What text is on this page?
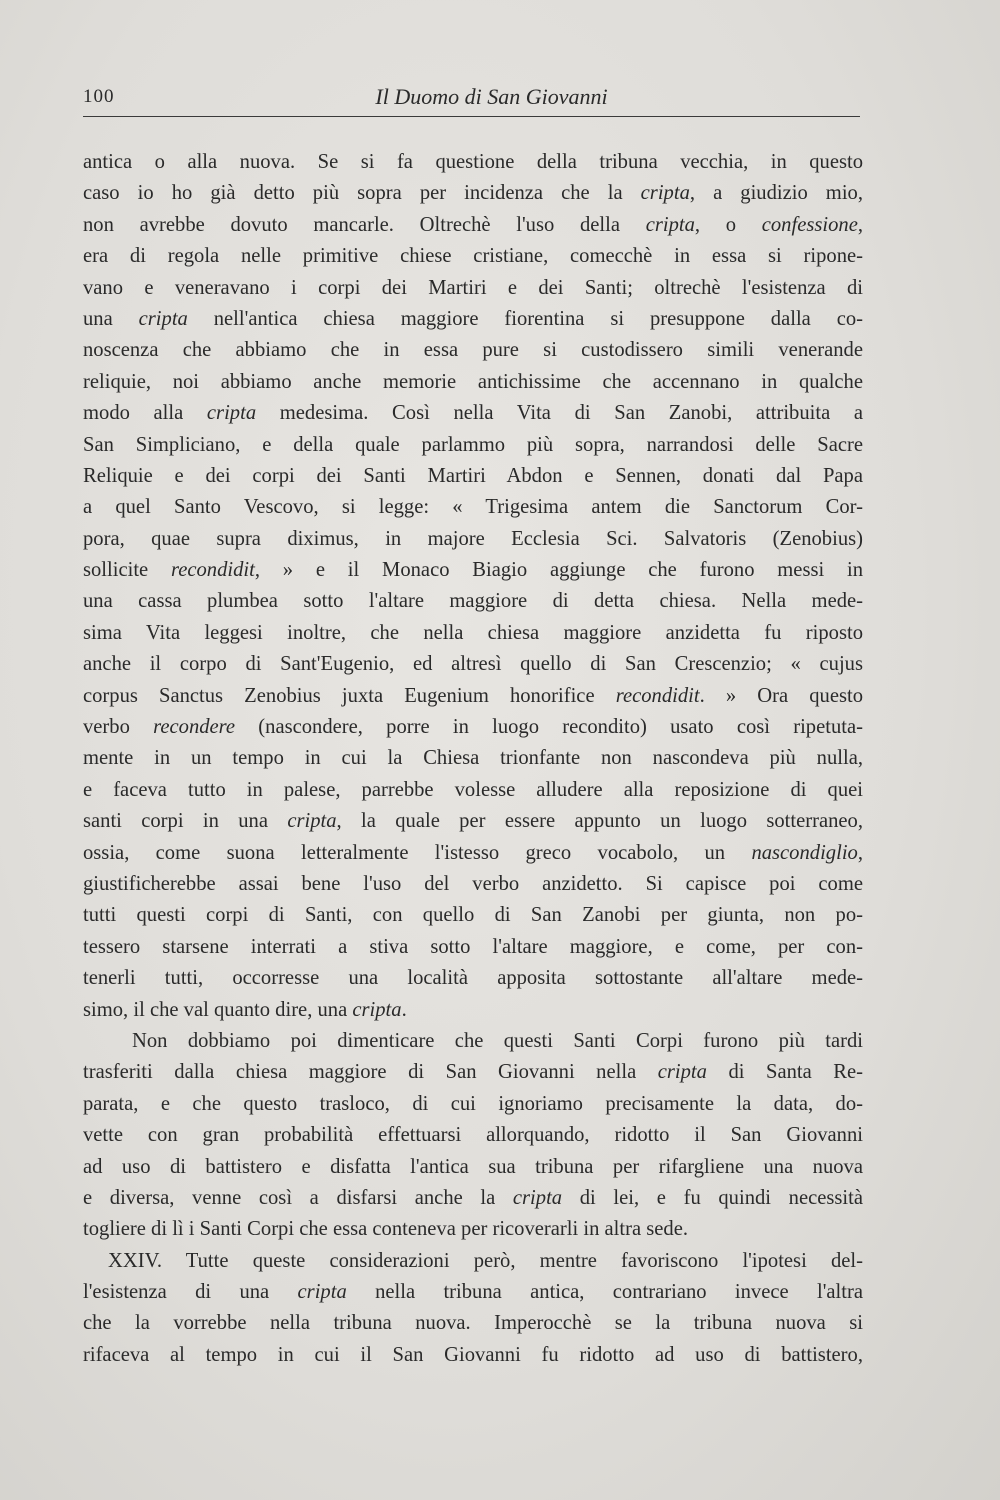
100	Il Duomo di San Giovanni
antica o alla nuova. Se si fa questione della tribuna vecchia, in questo
caso io ho già detto più sopra per incidenza che la cripta, a giudizio mio,
non avrebbe dovuto mancarle. Oltrechè l'uso della cripta, o confessione,
era di regola nelle primitive chiese cristiane, comecchè in essa si ripone-
vano e veneravano i corpi dei Martiri e dei Santi; oltrechè l'esistenza di
una cripta nell'antica chiesa maggiore fiorentina si presuppone dalla co-
noscenza che abbiamo che in essa pure si custodissero simili venerande
reliquie, noi abbiamo anche memorie antichissime che accennano in qualche
modo alla cripta medesima. Così nella Vita di San Zanobi, attribuita a
San Simpliciano, e della quale parlammo più sopra, narrandosi delle Sacre
Reliquie e dei corpi dei Santi Martiri Abdon e Sennen, donati dal Papa
a quel Santo Vescovo, si legge: « Trigesima antem die Sanctorum Cor-
pora, quae supra diximus, in majore Ecclesia Sci. Salvatoris (Zenobius)
sollicite recondidit, » e il Monaco Biagio aggiunge che furono messi in
una cassa plumbea sotto l'altare maggiore di detta chiesa. Nella mede-
sima Vita leggesi inoltre, che nella chiesa maggiore anzidetta fu riposto
anche il corpo di Sant'Eugenio, ed altresì quello di San Crescenzio; « cujus
corpus Sanctus Zenobius juxta Eugenium honorifice recondidit. » Ora questo
verbo recondere (nascondere, porre in luogo recondito) usato così ripetuta-
mente in un tempo in cui la Chiesa trionfante non nascondeva più nulla,
e faceva tutto in palese, parrebbe volesse alludere alla reposizione di quei
santi corpi in una cripta, la quale per essere appunto un luogo sotterraneo,
ossia, come suona letteralmente l'istesso greco vocabolo, un nascondiglio,
giustificherebbe assai bene l'uso del verbo anzidetto. Si capisce poi come
tutti questi corpi di Santi, con quello di San Zanobi per giunta, non po-
tessero starsene interrati a stiva sotto l'altare maggiore, e come, per con-
tenerli tutti, occorresse una località apposita sottostante all'altare mede-
simo, il che val quanto dire, una cripta.
Non dobbiamo poi dimenticare che questi Santi Corpi furono più tardi
trasferiti dalla chiesa maggiore di San Giovanni nella cripta di Santa Re-
parata, e che questo trasloco, di cui ignoriamo precisamente la data, do-
vette con gran probabilità effettuarsi allorquando, ridotto il San Giovanni
ad uso di battistero e disfatta l'antica sua tribuna per rifargliene una nuova
e diversa, venne così a disfarsi anche la cripta di lei, e fu quindi necessità
togliere di lì i Santi Corpi che essa conteneva per ricoverarli in altra sede.
XXIV. Tutte queste considerazioni però, mentre favoriscono l'ipotesi del-
l'esistenza di una cripta nella tribuna antica, contrariano invece l'altra
che la vorrebbe nella tribuna nuova. Imperocchè se la tribuna nuova si
rifaceva al tempo in cui il San Giovanni fu ridotto ad uso di battistero,
